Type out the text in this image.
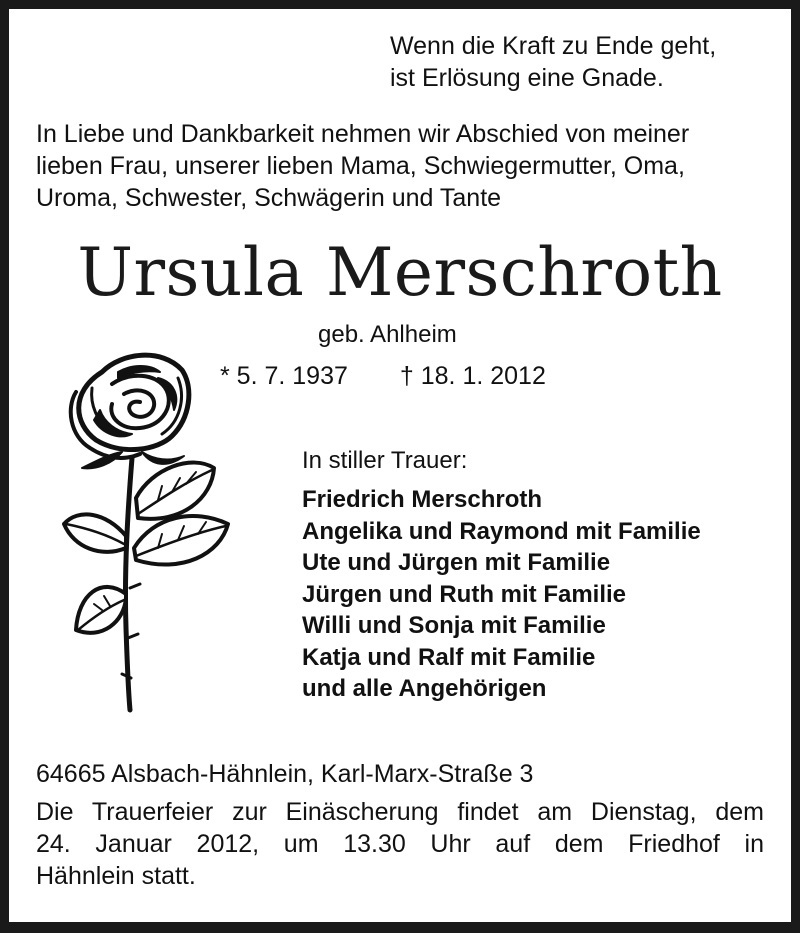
Wenn die Kraft zu Ende geht,
ist Erlösung eine Gnade.
In Liebe und Dankbarkeit nehmen wir Abschied von meiner
lieben Frau, unserer lieben Mama, Schwiegermutter, Oma,
Uroma, Schwester, Schwägerin und Tante
Ursula Merschroth
geb. Ahlheim
* 5. 7. 1937 † 18. 1. 2012
In stiller Trauer:
Friedrich Merschroth
Angelika und Raymond mit Familie
Ute und Jürgen mit Familie
Jürgen und Ruth mit Familie
Willi und Sonja mit Familie
Katja und Ralf mit Familie
und alle Angehörigen
64665 Alsbach-Hähnlein, Karl-Marx-Straße 3
Die Trauerfeier zur Einäscherung findet am Dienstag, dem
24. Januar 2012, um 13.30 Uhr auf dem Friedhof in
Hähnlein statt.
